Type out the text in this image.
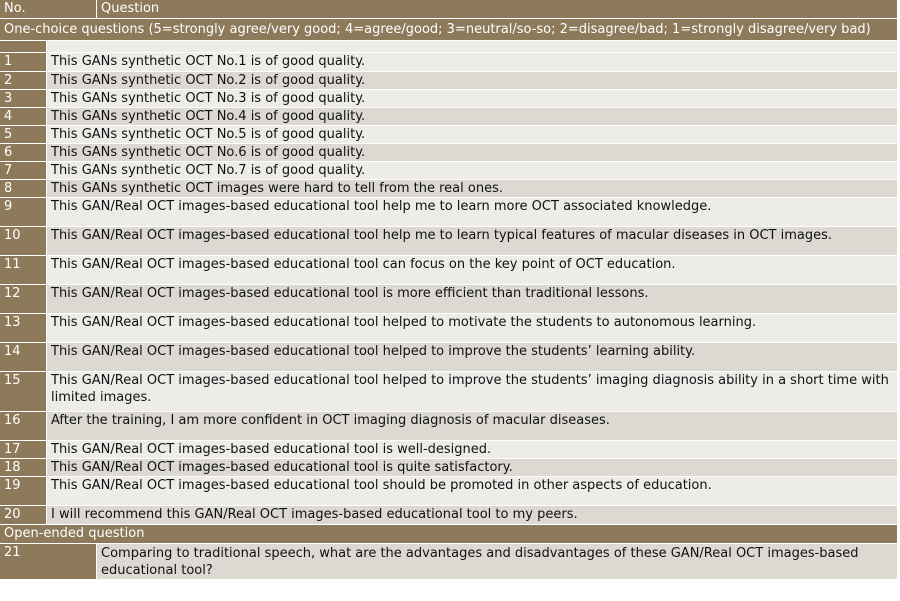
No.	Question
One-choice questions (5=strongly agree/very good; 4=agree/good; 3=neutral/so-so; 2=disagree/bad; 1=strongly disagree/very bad)
1	This GANs synthetic OCT No.1 is of good quality.
2	This GANs synthetic OCT No.2 is of good quality.
3	This GANs synthetic OCT No.3 is of good quality.
4	This GANs synthetic OCT No.4 is of good quality.
5	This GANs synthetic OCT No.5 is of good quality.
6	This GANs synthetic OCT No.6 is of good quality.
7	This GANs synthetic OCT No.7 is of good quality.
8	This GANs synthetic OCT images were hard to tell from the real ones.
9	This GAN/Real OCT images-based educational tool help me to learn more OCT associated knowledge.
10	This GAN/Real OCT images-based educational tool help me to learn typical features of macular diseases in OCT images.
11	This GAN/Real OCT images-based educational tool can focus on the key point of OCT education.
12	This GAN/Real OCT images-based educational tool is more efficient than traditional lessons.
13	This GAN/Real OCT images-based educational tool helped to motivate the students to autonomous learning.
14	This GAN/Real OCT images-based educational tool helped to improve the students’ learning ability.
15	This GAN/Real OCT images-based educational tool helped to improve the students’ imaging diagnosis ability in a short time with limited images.
16	After the training, I am more confident in OCT imaging diagnosis of macular diseases.
17	This GAN/Real OCT images-based educational tool is well-designed.
18	This GAN/Real OCT images-based educational tool is quite satisfactory.
19	This GAN/Real OCT images-based educational tool should be promoted in other aspects of education.
20	I will recommend this GAN/Real OCT images-based educational tool to my peers.
Open-ended question
21	Comparing to traditional speech, what are the advantages and disadvantages of these GAN/Real OCT images-based educational tool?
